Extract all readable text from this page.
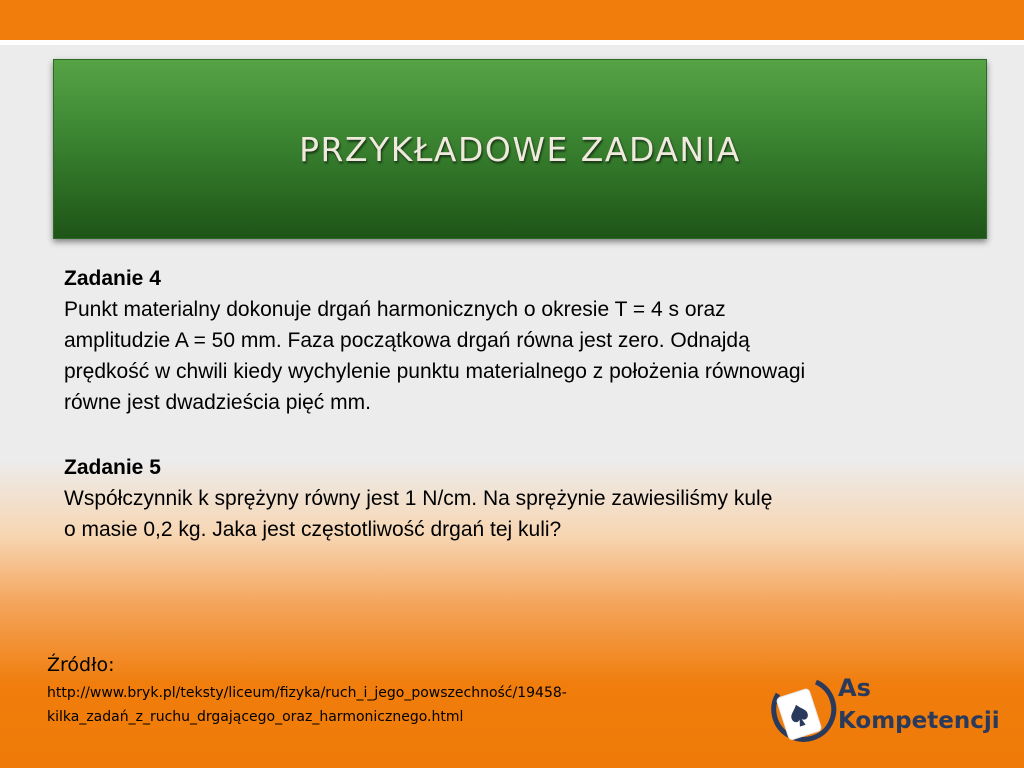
PRZYKŁADOWE ZADANIA

Zadanie 4

Punkt materialny dokonuje drgań harmonicznych o okresie T = 4 s oraz

amplitudzie A = 50 mm. Faza początkowa drgań równa jest zero. Odnajdą

prędkość w chwili kiedy wychylenie punktu materialnego z położenia równowagi

równe jest dwadzieścia pięć mm.

Zadanie 5

Współczynnik k sprężyny równy jest 1 N/cm. Na sprężynie zawiesiliśmy kulę

o masie 0,2 kg. Jaka jest częstotliwość drgań tej kuli?

Źródło:
http://www.bryk.pl/teksty/liceum/fizyka/ruch_i_jego_powszechność/19458-
kilka_zadań_z_ruchu_drgającego_oraz_harmonicznego.html
As
Kompetencji
